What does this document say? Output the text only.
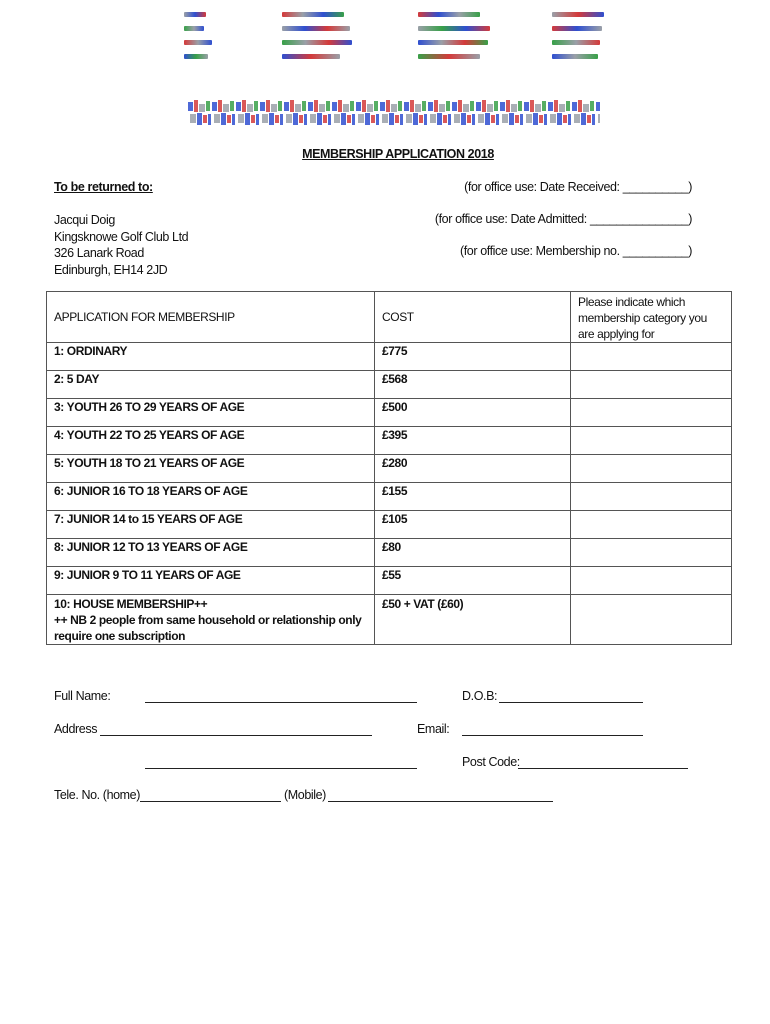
MEMBERSHIP APPLICATION 2018
To be returned to:
Jacqui Doig
Kingsknowe Golf Club Ltd
326 Lanark Road
Edinburgh, EH14 2JD
(for office use: Date Received: __________)
(for office use: Date Admitted: _______________)
(for office use: Membership no. __________)
APPLICATION FOR MEMBERSHIP	COST	Please indicate which membership category you are applying for
1: ORDINARY	£775	
2: 5 DAY	£568	
3: YOUTH 26 TO 29 YEARS OF AGE	£500	
4: YOUTH 22 TO 25 YEARS OF AGE	£395	
5: YOUTH 18 TO 21 YEARS OF AGE	£280	
6: JUNIOR 16 TO 18 YEARS OF AGE	£155	
7: JUNIOR 14 to 15 YEARS OF AGE	£105	
8: JUNIOR 12 TO 13 YEARS OF AGE	£80	
9: JUNIOR 9 TO 11 YEARS OF AGE	£55	

10: HOUSE MEMBERSHIP++
++ NB 2 people from same household or relationship only require one subscription	£50 + VAT (£60)	
Full Name:	D.O.B:
Address	Email:
Post Code:
Tele. No. (home)	(Mobile)
